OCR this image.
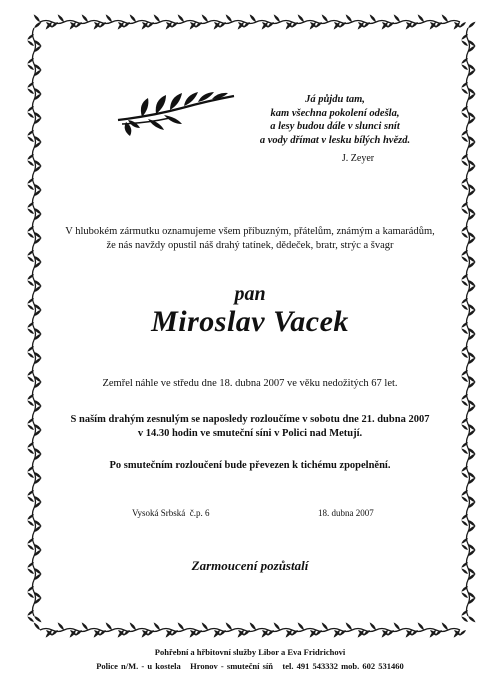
Já půjdu tam,
kam všechna pokolení odešla,
a lesy budou dále v slunci snít
a vody dřímat v lesku bílých hvězd.
J. Zeyer
V hlubokém zármutku oznamujeme všem příbuzným, přátelům, známým a kamarádům,
že nás navždy opustil náš drahý tatínek, dědeček, bratr, strýc a švagr
pan
Miroslav Vacek
Zemřel náhle ve středu dne 18. dubna 2007 ve věku nedožitých 67 let.
S naším drahým zesnulým se naposledy rozloučíme v sobotu dne 21. dubna 2007
v 14.30 hodin ve smuteční síni v Polici nad Metují.
Po smutečním rozloučení bude převezen k tichému zpopelnění.
Vysoká Srbská  č.p. 6	18. dubna 2007
Zarmoucení pozůstalí
Pohřební a hřbitovní služby Libor a Eva Fridrichovi
Police n/M. - u kostela   Hronov - smuteční síň   tel. 491 543332 mob. 602 531460
